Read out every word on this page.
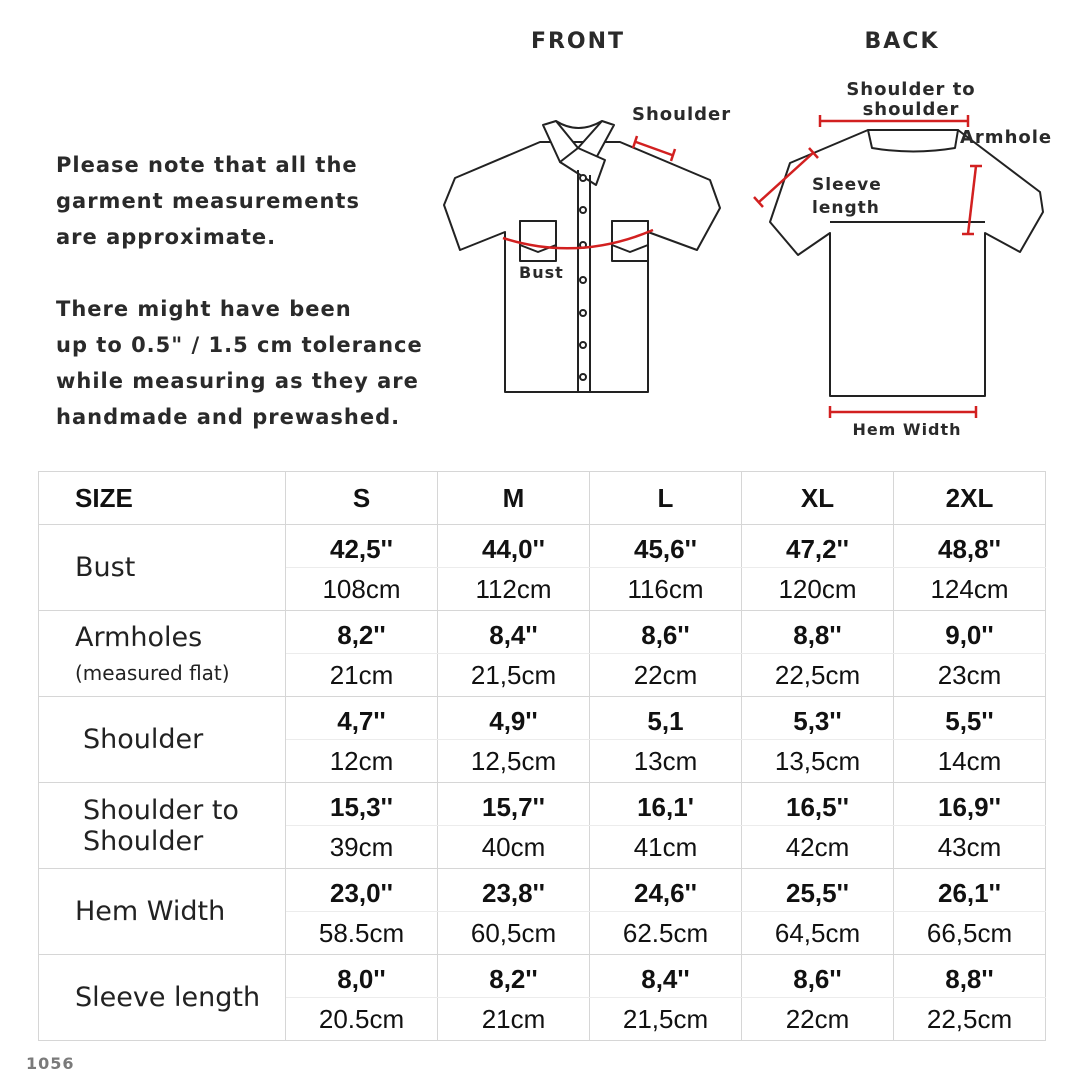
Please note that all the
garment measurements
are approximate.
There might have been
up to 0.5" / 1.5 cm tolerance
while measuring as they are
handmade and prewashed.
FRONT	BACK
Shoulder
Bust
Shoulder to
shoulder
Armhole
Sleeve
length
Hem Width
SIZE	S	M	L	XL	2XL
Bust	42,5''	44,0''	45,6''	47,2''	48,8''
	108cm	112cm	116cm	120cm	124cm
Armholes
(measured flat)	8,2''	8,4''	8,6''	8,8''	9,0''
	21cm	21,5cm	22cm	22,5cm	23cm
Shoulder	4,7''	4,9''	5,1	5,3''	5,5''
	12cm	12,5cm	13cm	13,5cm	14cm
Shoulder to
Shoulder	15,3''	15,7''	16,1'	16,5''	16,9''
	39cm	40cm	41cm	42cm	43cm
Hem Width	23,0''	23,8''	24,6''	25,5''	26,1''
	58.5cm	60,5cm	62.5cm	64,5cm	66,5cm
Sleeve length	8,0''	8,2''	8,4''	8,6''	8,8''
	20.5cm	21cm	21,5cm	22cm	22,5cm
1056
